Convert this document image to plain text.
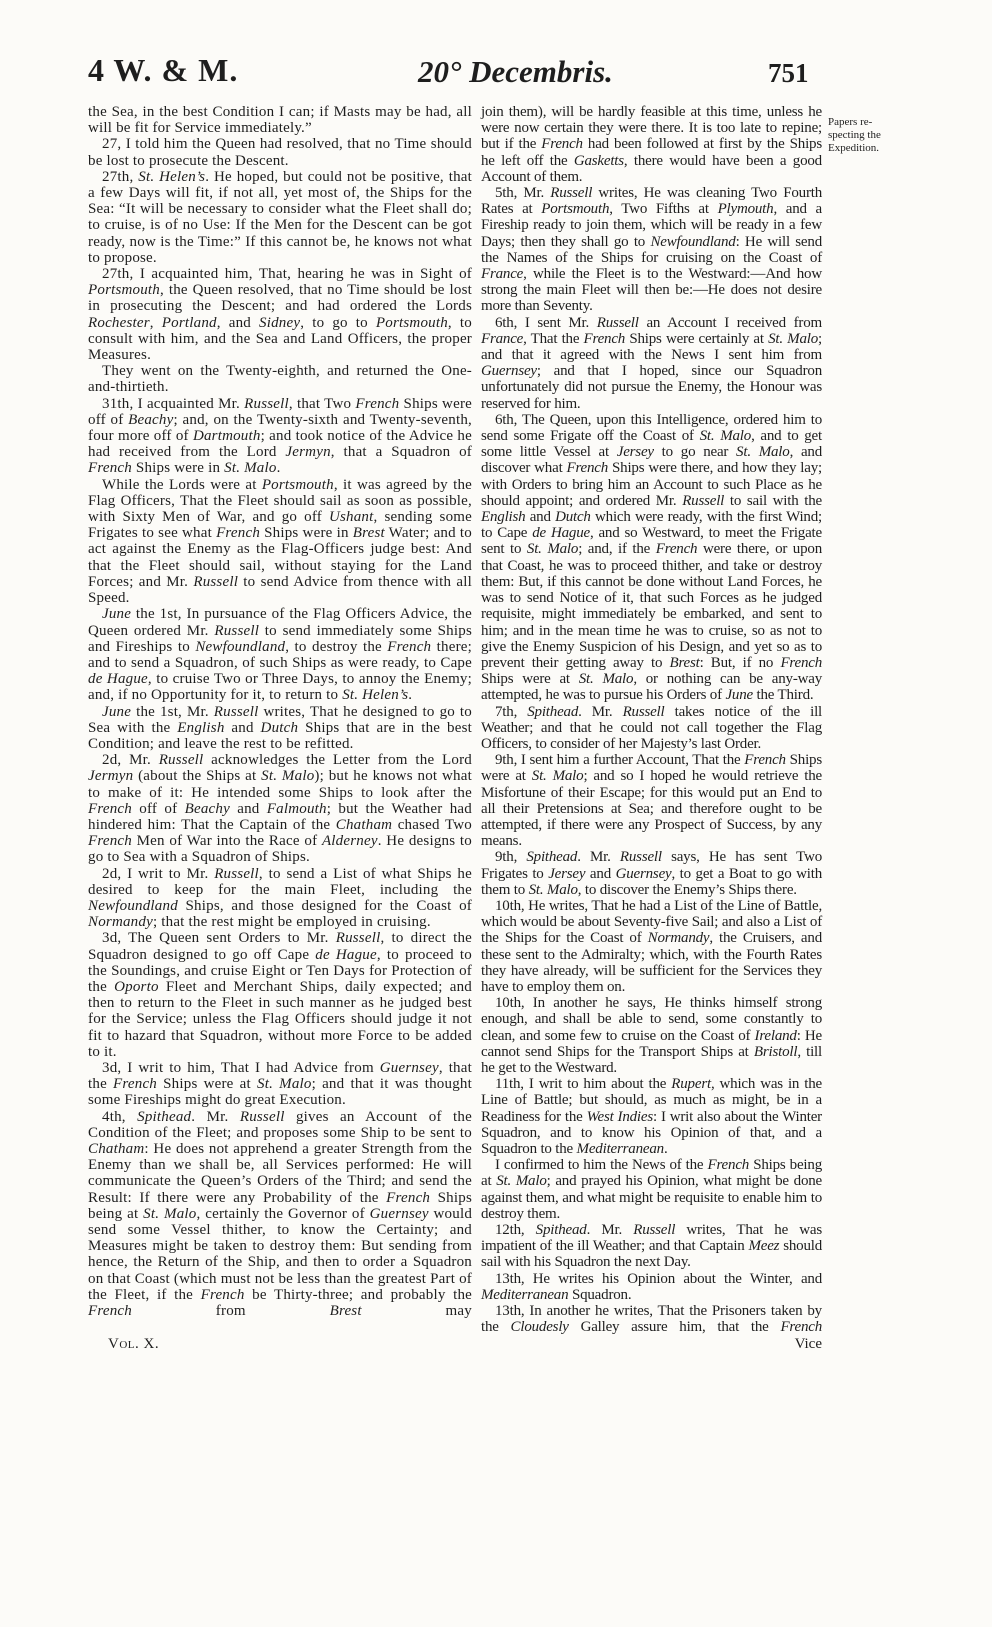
4 W. & M.	20° Decembris.	751

the Sea, in the best Condition I can; if Masts may be had, all will be fit for Service immediately.”

27, I told him the Queen had resolved, that no Time should be lost to prosecute the Descent.

27th, St. Helen’s. He hoped, but could not be positive, that a few Days will fit, if not all, yet most of, the Ships for the Sea: “It will be necessary to consider what the Fleet shall do; to cruise, is of no Use: If the Men for the Descent can be got ready, now is the Time:” If this cannot be, he knows not what to propose.

27th, I acquainted him, That, hearing he was in Sight of Portsmouth, the Queen resolved, that no Time should be lost in prosecuting the Descent; and had ordered the Lords Rochester, Portland, and Sidney, to go to Portsmouth, to consult with him, and the Sea and Land Officers, the proper Measures.

They went on the Twenty-eighth, and returned the One-and-thirtieth.

31th, I acquainted Mr. Russell, that Two French Ships were off of Beachy; and, on the Twenty-sixth and Twenty-seventh, four more off of Dartmouth; and took notice of the Advice he had received from the Lord Jermyn, that a Squadron of French Ships were in St. Malo.

While the Lords were at Portsmouth, it was agreed by the Flag Officers, That the Fleet should sail as soon as possible, with Sixty Men of War, and go off Ushant, sending some Frigates to see what French Ships were in Brest Water; and to act against the Enemy as the Flag-Officers judge best: And that the Fleet should sail, without staying for the Land Forces; and Mr. Russell to send Advice from thence with all Speed.

June the 1st, In pursuance of the Flag Officers Advice, the Queen ordered Mr. Russell to send immediately some Ships and Fireships to Newfoundland, to destroy the French there; and to send a Squadron, of such Ships as were ready, to Cape de Hague, to cruise Two or Three Days, to annoy the Enemy; and, if no Opportunity for it, to return to St. Helen’s.

June the 1st, Mr. Russell writes, That he designed to go to Sea with the English and Dutch Ships that are in the best Condition; and leave the rest to be refitted.

2d, Mr. Russell acknowledges the Letter from the Lord Jermyn (about the Ships at St. Malo); but he knows not what to make of it: He intended some Ships to look after the French off of Beachy and Falmouth; but the Weather had hindered him: That the Captain of the Chatham chased Two French Men of War into the Race of Alderney. He designs to go to Sea with a Squadron of Ships.

2d, I writ to Mr. Russell, to send a List of what Ships he desired to keep for the main Fleet, including the Newfoundland Ships, and those designed for the Coast of Normandy; that the rest might be employed in cruising.

3d, The Queen sent Orders to Mr. Russell, to direct the Squadron designed to go off Cape de Hague, to proceed to the Soundings, and cruise Eight or Ten Days for Protection of the Oporto Fleet and Merchant Ships, daily expected; and then to return to the Fleet in such manner as he judged best for the Service; unless the Flag Officers should judge it not fit to hazard that Squadron, without more Force to be added to it.

3d, I writ to him, That I had Advice from Guernsey, that the French Ships were at St. Malo; and that it was thought some Fireships might do great Execution.

4th, Spithead. Mr. Russell gives an Account of the Condition of the Fleet; and proposes some Ship to be sent to Chatham: He does not apprehend a greater Strength from the Enemy than we shall be, all Services performed: He will communicate the Queen’s Orders of the Third; and send the Result: If there were any Probability of the French Ships being at St. Malo, certainly the Governor of Guernsey would send some Vessel thither, to know the Certainty; and Measures might be taken to destroy them: But sending from hence, the Return of the Ship, and then to order a Squadron on that Coast (which must not be less than the greatest Part of the Fleet, if the French be Thirty-three; and probably the French from Brest may

join them), will be hardly feasible at this time, unless he were now certain they were there. It is too late to repine; but if the French had been followed at first by the Ships he left off the Gasketts, there would have been a good Account of them.

5th, Mr. Russell writes, He was cleaning Two Fourth Rates at Portsmouth, Two Fifths at Plymouth, and a Fireship ready to join them, which will be ready in a few Days; then they shall go to Newfoundland: He will send the Names of the Ships for cruising on the Coast of France, while the Fleet is to the Westward:—And how strong the main Fleet will then be:—He does not desire more than Seventy.

6th, I sent Mr. Russell an Account I received from France, That the French Ships were certainly at St. Malo; and that it agreed with the News I sent him from Guernsey; and that I hoped, since our Squadron unfortunately did not pursue the Enemy, the Honour was reserved for him.

6th, The Queen, upon this Intelligence, ordered him to send some Frigate off the Coast of St. Malo, and to get some little Vessel at Jersey to go near St. Malo, and discover what French Ships were there, and how they lay; with Orders to bring him an Account to such Place as he should appoint; and ordered Mr. Russell to sail with the English and Dutch which were ready, with the first Wind; to Cape de Hague, and so Westward, to meet the Frigate sent to St. Malo; and, if the French were there, or upon that Coast, he was to proceed thither, and take or destroy them: But, if this cannot be done without Land Forces, he was to send Notice of it, that such Forces as he judged requisite, might immediately be embarked, and sent to him; and in the mean time he was to cruise, so as not to give the Enemy Suspicion of his Design, and yet so as to prevent their getting away to Brest: But, if no French Ships were at St. Malo, or nothing can be any-way attempted, he was to pursue his Orders of June the Third.

7th, Spithead. Mr. Russell takes notice of the ill Weather; and that he could not call together the Flag Officers, to consider of her Majesty’s last Order.

9th, I sent him a further Account, That the French Ships were at St. Malo; and so I hoped he would retrieve the Misfortune of their Escape; for this would put an End to all their Pretensions at Sea; and therefore ought to be attempted, if there were any Prospect of Success, by any means.

9th, Spithead. Mr. Russell says, He has sent Two Frigates to Jersey and Guernsey, to get a Boat to go with them to St. Malo, to discover the Enemy’s Ships there.

10th, He writes, That he had a List of the Line of Battle, which would be about Seventy-five Sail; and also a List of the Ships for the Coast of Normandy, the Cruisers, and these sent to the Admiralty; which, with the Fourth Rates they have already, will be sufficient for the Services they have to employ them on.

10th, In another he says, He thinks himself strong enough, and shall be able to send, some constantly to clean, and some few to cruise on the Coast of Ireland: He cannot send Ships for the Transport Ships at Bristoll, till he get to the Westward.

11th, I writ to him about the Rupert, which was in the Line of Battle; but should, as much as might, be in a Readiness for the West Indies: I writ also about the Winter Squadron, and to know his Opinion of that, and a Squadron to the Mediterranean.

I confirmed to him the News of the French Ships being at St. Malo; and prayed his Opinion, what might be done against them, and what might be requisite to enable him to destroy them.

12th, Spithead. Mr. Russell writes, That he was impatient of the ill Weather; and that Captain Meez should sail with his Squadron the next Day.

13th, He writes his Opinion about the Winter, and Mediterranean Squadron.

13th, In another he writes, That the Prisoners taken by the Cloudesly Galley assure him, that the French

Vol. X.	Vice
Papers re-
specting the
Expedition.
